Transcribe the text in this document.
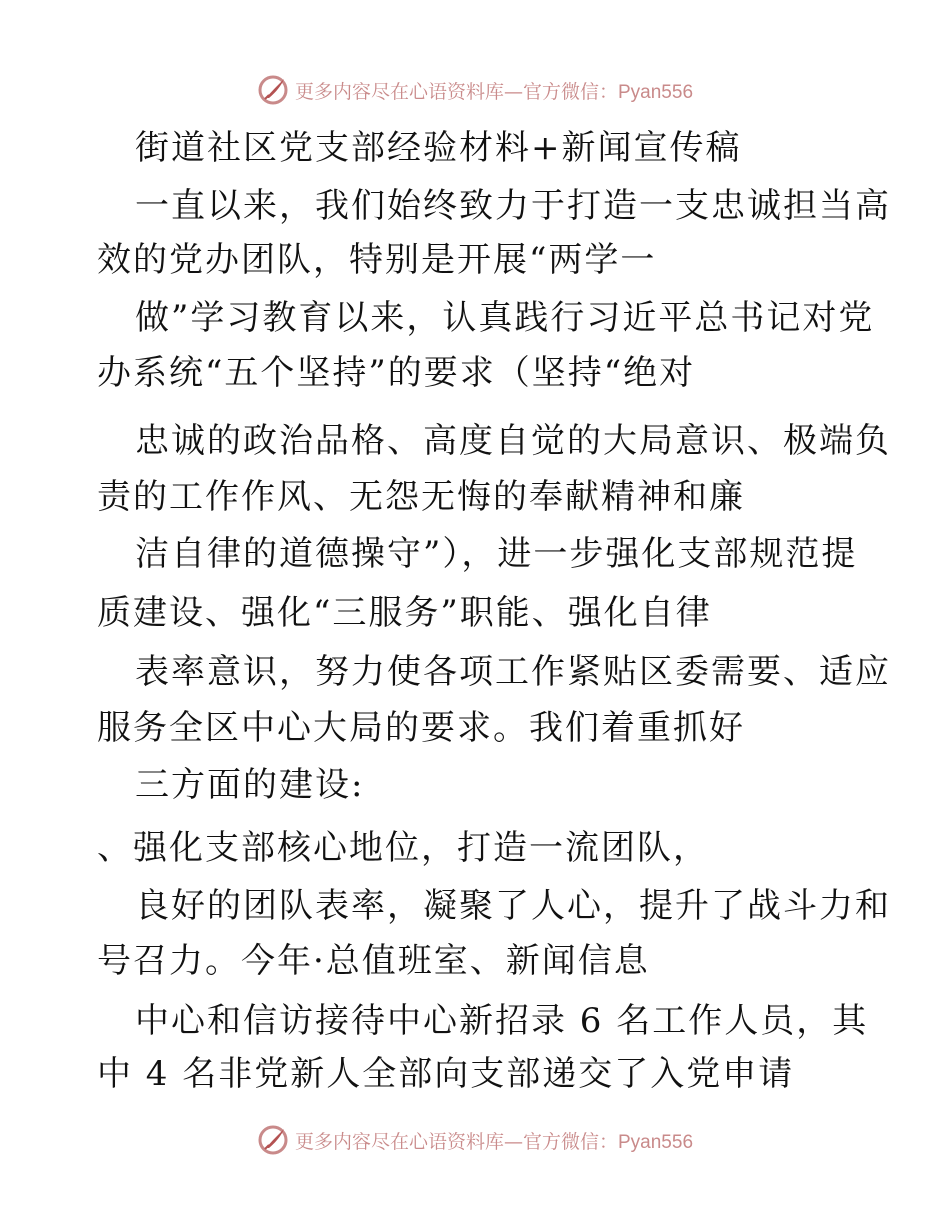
更多内容尽在心语资料库—官方微信：Pyan556
街道社区党支部经验材料+新闻宣传稿
一直以来，我们始终致力于打造一支忠诚担当高
效的党办团队，特别是开展“两学一
做”学习教育以来，认真践行习近平总书记对党
办系统“五个坚持”的要求（坚持“绝对
忠诚的政治品格、高度自觉的大局意识、极端负
责的工作作风、无怨无悔的奉献精神和廉
洁自律的道德操守”），进一步强化支部规范提
质建设、强化“三服务”职能、强化自律
表率意识，努力使各项工作紧贴区委需要、适应
服务全区中心大局的要求。我们着重抓好
三方面的建设:
、强化支部核心地位，打造一流团队，
良好的团队表率，凝聚了人心，提升了战斗力和
号召力。今年·总值班室、新闻信息
中心和信访接待中心新招录 6 名工作人员，其
中 4 名非党新人全部向支部递交了入党申请
更多内容尽在心语资料库—官方微信：Pyan556
